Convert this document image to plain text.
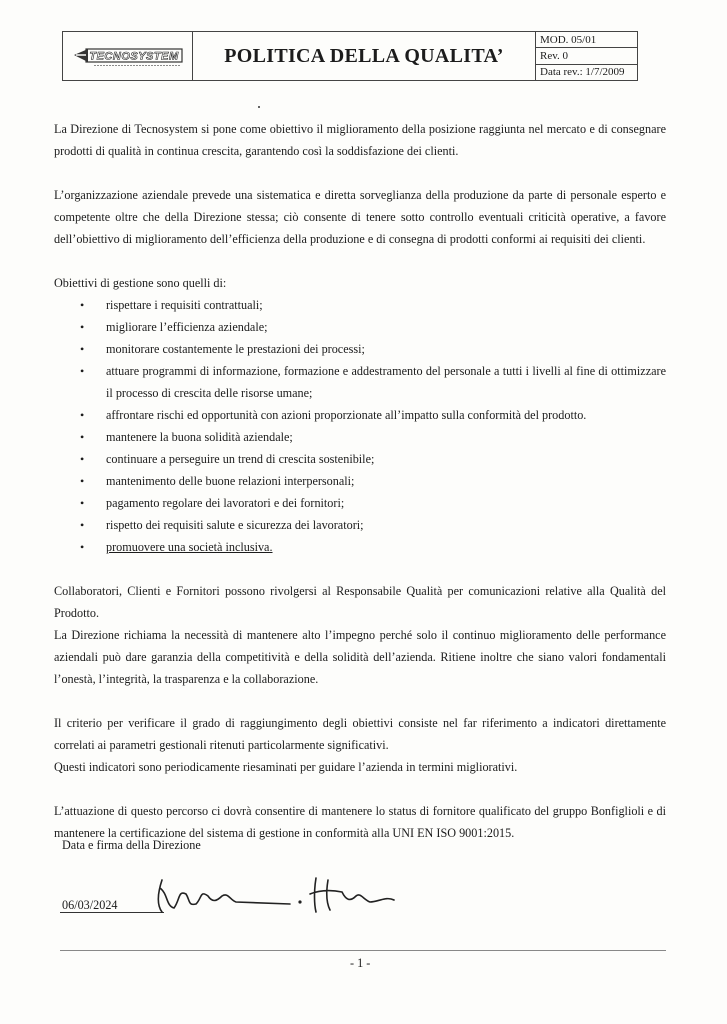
TECNOSYSTEM	POLITICA DELLA QUALITA’
MOD. 05/01
Rev. 0
Data rev.: 1/7/2009

La Direzione di Tecnosystem si pone come obiettivo il miglioramento della posizione raggiunta nel mercato e di consegnare prodotti di qualità in continua crescita, garantendo così la soddisfazione dei clienti.

L’organizzazione aziendale prevede una sistematica e diretta sorveglianza della produzione da parte di personale esperto e competente oltre che della Direzione stessa; ciò consente di tenere sotto controllo eventuali criticità operative, a favore dell’obiettivo di miglioramento dell’efficienza della produzione e di consegna di prodotti conformi ai requisiti dei clienti.

Obiettivi di gestione sono quelli di:

• rispettare i requisiti contrattuali;
• migliorare l’efficienza aziendale;
• monitorare costantemente le prestazioni dei processi;
• attuare programmi di informazione, formazione e addestramento del personale a tutti i livelli al fine di ottimizzare il processo di crescita delle risorse umane;
• affrontare rischi ed opportunità con azioni proporzionate all’impatto sulla conformità del prodotto.
• mantenere la buona solidità aziendale;
• continuare a perseguire un trend di crescita sostenibile;
• mantenimento delle buone relazioni interpersonali;
• pagamento regolare dei lavoratori e dei fornitori;
• rispetto dei requisiti salute e sicurezza dei lavoratori;
• promuovere una società inclusiva.

Collaboratori, Clienti e Fornitori possono rivolgersi al Responsabile Qualità per comunicazioni relative alla Qualità del Prodotto.

La Direzione richiama la necessità di mantenere alto l’impegno perché solo il continuo miglioramento delle performance aziendali può dare garanzia della competitività e della solidità dell’azienda. Ritiene inoltre che siano valori fondamentali l’onestà, l’integrità, la trasparenza e la collaborazione.

Il criterio per verificare il grado di raggiungimento degli obiettivi consiste nel far riferimento a indicatori direttamente correlati ai parametri gestionali ritenuti particolarmente significativi.

Questi indicatori sono periodicamente riesaminati per guidare l’azienda in termini migliorativi.

L’attuazione di questo percorso ci dovrà consentire di mantenere lo status di fornitore qualificato del gruppo Bonfiglioli e di mantenere la certificazione del sistema di gestione in conformità alla UNI EN ISO 9001:2015.

Data e firma della Direzione
06/03/2024
- 1 -
